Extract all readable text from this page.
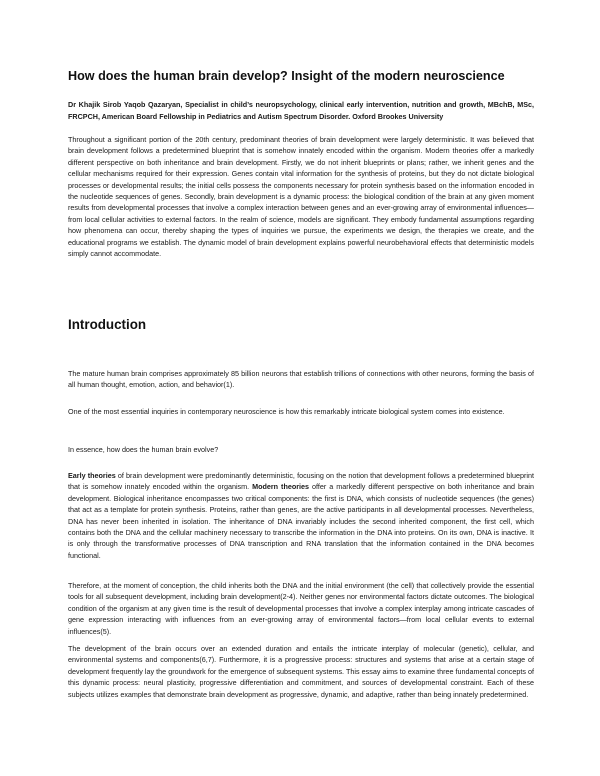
How does the human brain develop? Insight of the modern neuroscience
Dr Khajik Sirob Yaqob Qazaryan, Specialist in child’s neuropsychology, clinical early intervention, nutrition and growth, MBchB, MSc, FRCPCH, American Board Fellowship in Pediatrics and Autism Spectrum Disorder. Oxford Brookes University

Throughout a significant portion of the 20th century, predominant theories of brain development were largely deterministic. It was believed that brain development follows a predetermined blueprint that is somehow innately encoded within the organism. Modern theories offer a markedly different perspective on both inheritance and brain development. Firstly, we do not inherit blueprints or plans; rather, we inherit genes and the cellular mechanisms required for their expression. Genes contain vital information for the synthesis of proteins, but they do not dictate biological processes or developmental results; the initial cells possess the components necessary for protein synthesis based on the information encoded in the nucleotide sequences of genes. Secondly, brain development is a dynamic process: the biological condition of the brain at any given moment results from developmental processes that involve a complex interaction between genes and an ever-growing array of environmental influences—from local cellular activities to external factors. In the realm of science, models are significant. They embody fundamental assumptions regarding how phenomena can occur, thereby shaping the types of inquiries we pursue, the experiments we design, the therapies we create, and the educational programs we establish. The dynamic model of brain development explains powerful neurobehavioral effects that deterministic models simply cannot accommodate.

Introduction

The mature human brain comprises approximately 85 billion neurons that establish trillions of connections with other neurons, forming the basis of all human thought, emotion, action, and behavior(1).

One of the most essential inquiries in contemporary neuroscience is how this remarkably intricate biological system comes into existence.

In essence, how does the human brain evolve?

Early theories of brain development were predominantly deterministic, focusing on the notion that development follows a predetermined blueprint that is somehow innately encoded within the organism. Modern theories offer a markedly different perspective on both inheritance and brain development. Biological inheritance encompasses two critical components: the first is DNA, which consists of nucleotide sequences (the genes) that act as a template for protein synthesis. Proteins, rather than genes, are the active participants in all developmental processes. Nevertheless, DNA has never been inherited in isolation. The inheritance of DNA invariably includes the second inherited component, the first cell, which contains both the DNA and the cellular machinery necessary to transcribe the information in the DNA into proteins. On its own, DNA is inactive. It is only through the transformative processes of DNA transcription and RNA translation that the information contained in the DNA becomes functional.

Therefore, at the moment of conception, the child inherits both the DNA and the initial environment (the cell) that collectively provide the essential tools for all subsequent development, including brain development(2-4). Neither genes nor environmental factors dictate outcomes. The biological condition of the organism at any given time is the result of developmental processes that involve a complex interplay among intricate cascades of gene expression interacting with influences from an ever-growing array of environmental factors—from local cellular events to external influences(5).

The development of the brain occurs over an extended duration and entails the intricate interplay of molecular (genetic), cellular, and environmental systems and components(6,7). Furthermore, it is a progressive process: structures and systems that arise at a certain stage of development frequently lay the groundwork for the emergence of subsequent systems. This essay aims to examine three fundamental concepts of this dynamic process: neural plasticity, progressive differentiation and commitment, and sources of developmental constraint. Each of these subjects utilizes examples that demonstrate brain development as progressive, dynamic, and adaptive, rather than being innately predetermined.
